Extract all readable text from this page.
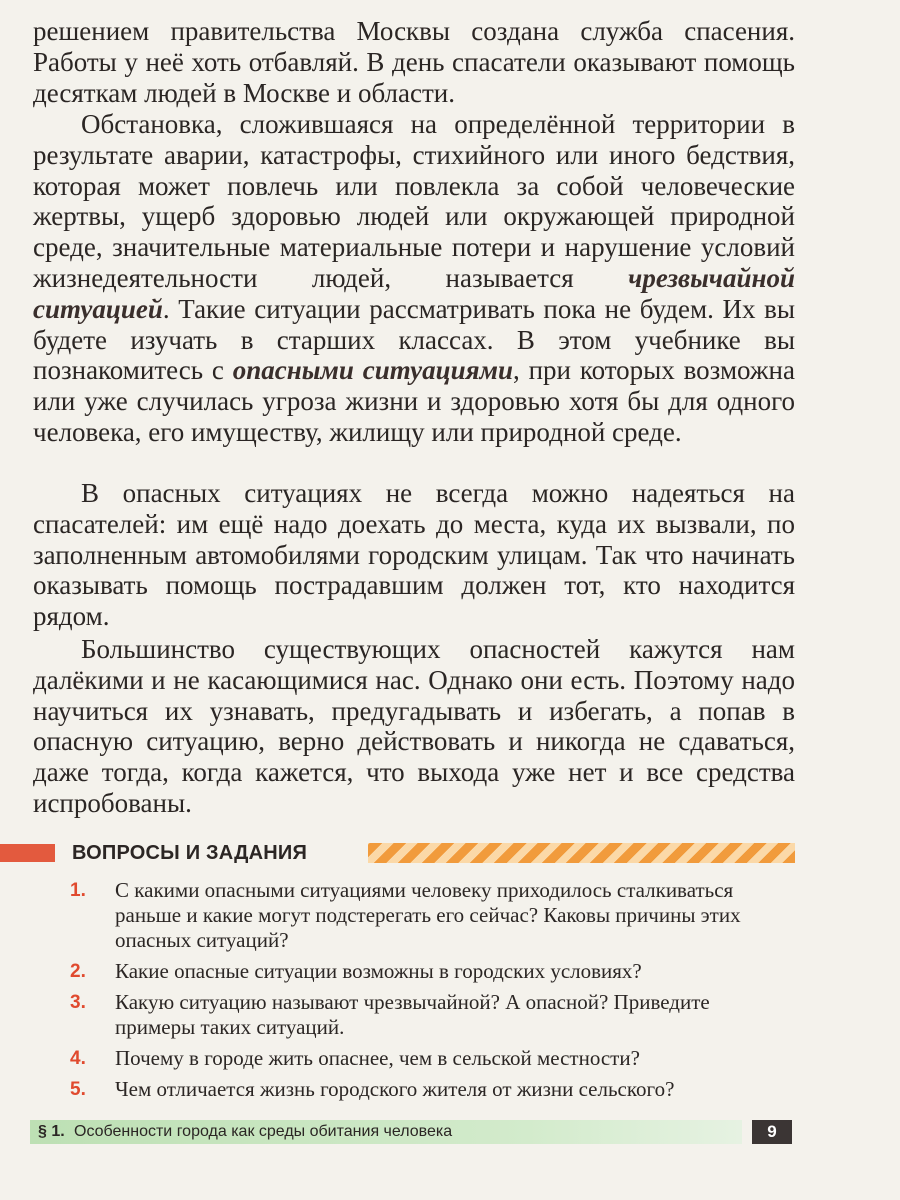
решением правительства Москвы создана служба спасения. Работы у неё хоть отбавляй. В день спасатели оказывают помощь десяткам людей в Москве и области.

Обстановка, сложившаяся на определённой территории в результате аварии, катастрофы, стихийного или иного бедствия, которая может повлечь или повлекла за собой человеческие жертвы, ущерб здоровью людей или окружающей природной среде, значительные материальные потери и нарушение условий жизнедеятельности людей, называется чрезвычайной ситуацией. Такие ситуации рассматривать пока не будем. Их вы будете изучать в старших классах. В этом учебнике вы познакомитесь с опасными ситуациями, при которых возможна или уже случилась угроза жизни и здоровью хотя бы для одного человека, его имуществу, жилищу или природной среде.

В опасных ситуациях не всегда можно надеяться на спасателей: им ещё надо доехать до места, куда их вызвали, по заполненным автомобилями городским улицам. Так что начинать оказывать помощь пострадавшим должен тот, кто находится рядом.

Большинство существующих опасностей кажутся нам далёкими и не касающимися нас. Однако они есть. Поэтому надо научиться их узнавать, предугадывать и избегать, а попав в опасную ситуацию, верно действовать и никогда не сдаваться, даже тогда, когда кажется, что выхода уже нет и все средства испробованы.

ВОПРОСЫ И ЗАДАНИЯ
1. С какими опасными ситуациями человеку приходилось сталкиваться раньше и какие могут подстерегать его сейчас? Каковы причины этих опасных ситуаций?
2. Какие опасные ситуации возможны в городских условиях?
3. Какую ситуацию называют чрезвычайной? А опасной? Приведите примеры таких ситуаций.
4. Почему в городе жить опаснее, чем в сельской местности?
5. Чем отличается жизнь городского жителя от жизни сельского?
§ 1. Особенности города как среды обитания человека	9
